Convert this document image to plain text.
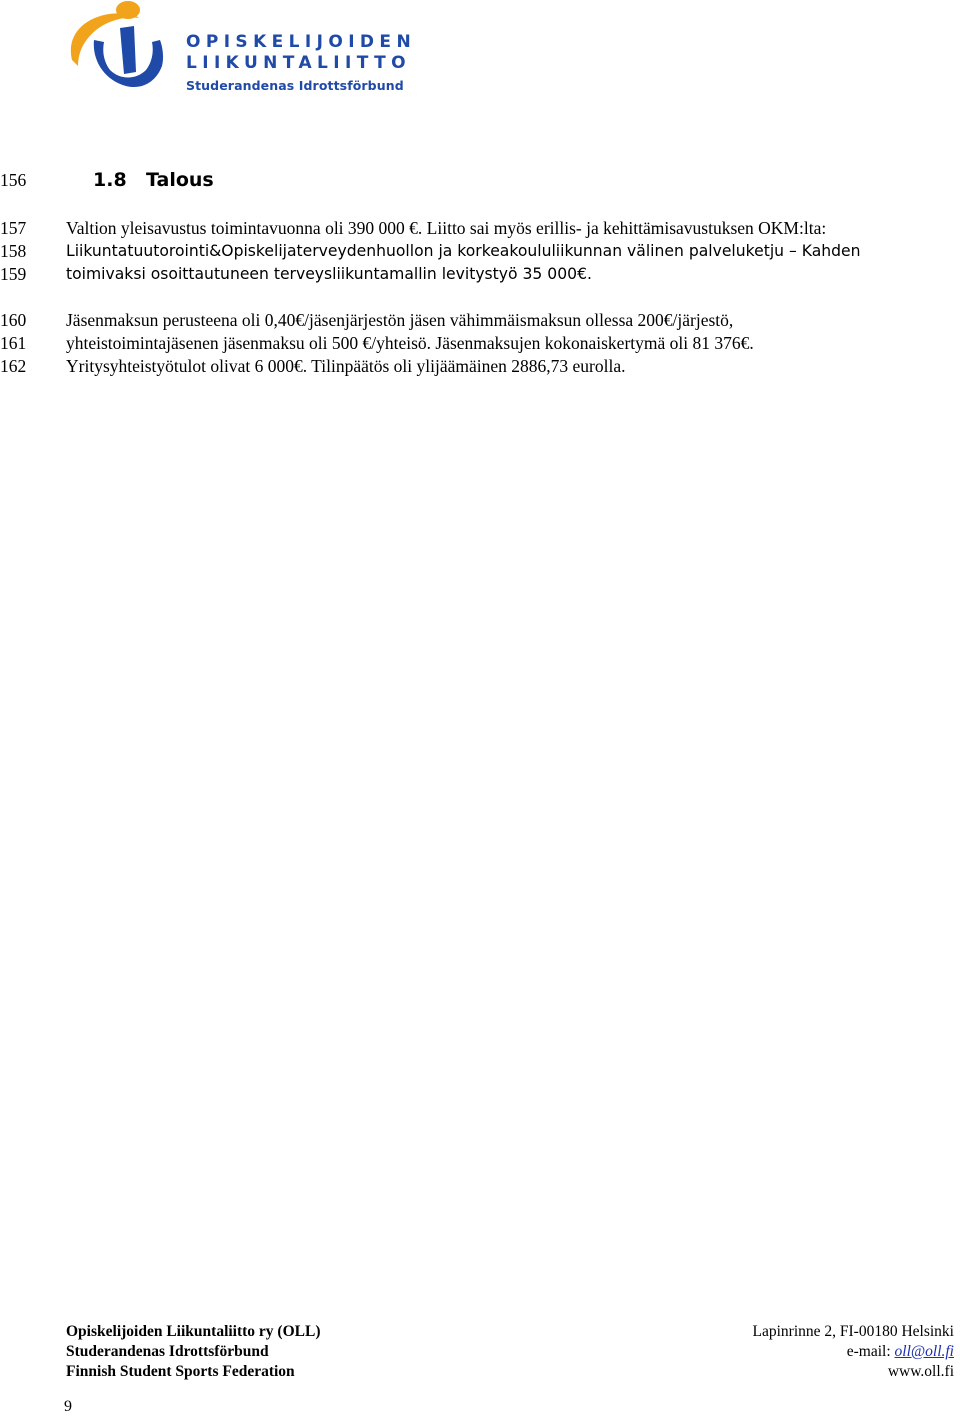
OPISKELIJOIDEN
LIIKUNTALIITTO
Studerandenas Idrottsförbund
156	1.8 Talous
157	Valtion yleisavustus toimintavuonna oli 390 000 €. Liitto sai myös erillis- ja kehittämisavustuksen OKM:lta:
158	Liikuntatuutorointi&Opiskelijaterveydenhuollon ja korkeakoululiikunnan välinen palveluketju – Kahden
159	toimivaksi osoittautuneen terveysliikuntamallin levitystyö 35 000€.
160	Jäsenmaksun perusteena oli 0,40€/jäsenjärjestön jäsen vähimmäismaksun ollessa 200€/järjestö,
161	yhteistoimintajäsenen jäsenmaksu oli 500 €/yhteisö. Jäsenmaksujen kokonaiskertymä oli 81 376€.
162	Yritysyhteistyötulot olivat 6 000€. Tilinpäätös oli ylijäämäinen 2886,73 eurolla.
Opiskelijoiden Liikuntaliitto ry (OLL)
Studerandenas Idrottsförbund
Finnish Student Sports Federation
Lapinrinne 2, FI-00180 Helsinki
e-mail: oll@oll.fi
www.oll.fi
9
